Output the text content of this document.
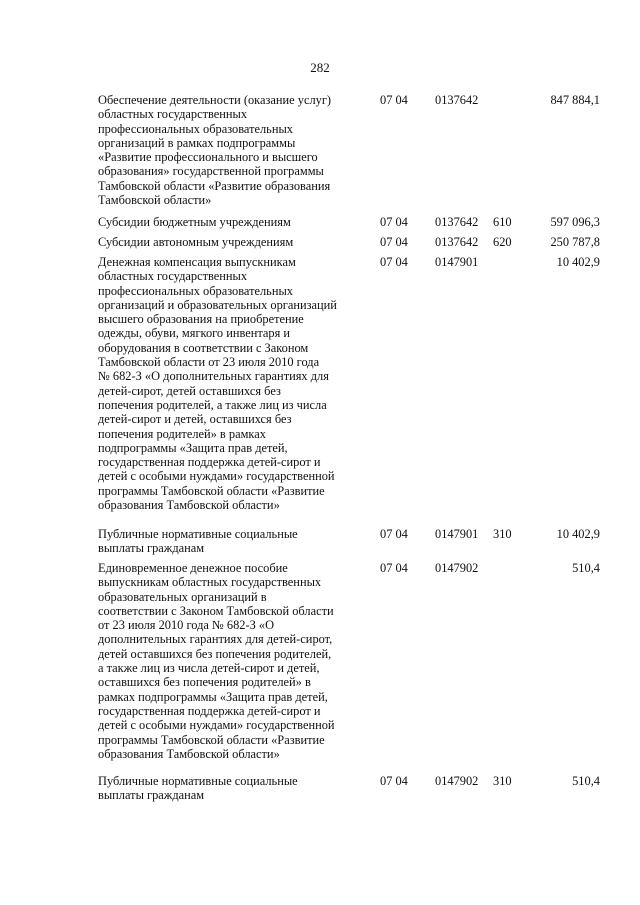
282
Обеспечение деятельности (оказание услуг)
областных государственных
профессиональных образовательных
организаций в рамках подпрограммы
«Развитие профессионального и высшего
образования» государственной программы
Тамбовской области «Развитие образования
Тамбовской области»
07 04	0137642	847 884,1
Субсидии бюджетным учреждениям	07 04	0137642	610	597 096,3
Субсидии автономным учреждениям	07 04	0137642	620	250 787,8
Денежная компенсация выпускникам
областных государственных
профессиональных образовательных
организаций и образовательных организаций
высшего образования на приобретение
одежды, обуви, мягкого инвентаря и
оборудования в соответствии с Законом
Тамбовской области от 23 июля 2010 года
№ 682-З «О дополнительных гарантиях для
детей-сирот, детей оставшихся без
попечения родителей, а также лиц из числа
детей-сирот и детей, оставшихся без
попечения родителей» в рамках
подпрограммы «Защита прав детей,
государственная поддержка детей-сирот и
детей с особыми нуждами» государственной
программы Тамбовской области «Развитие
образования Тамбовской области»
07 04	0147901	10 402,9
Публичные нормативные социальные
выплаты гражданам
07 04	0147901	310	10 402,9
Единовременное денежное пособие
выпускникам областных государственных
образовательных организаций в
соответствии с Законом Тамбовской области
от 23 июля 2010 года № 682-З «О
дополнительных гарантиях для детей-сирот,
детей оставшихся без попечения родителей,
а также лиц из числа детей-сирот и детей,
оставшихся без попечения родителей» в
рамках подпрограммы «Защита прав детей,
государственная поддержка детей-сирот и
детей с особыми нуждами» государственной
программы Тамбовской области «Развитие
образования Тамбовской области»
07 04	0147902	510,4
Публичные нормативные социальные
выплаты гражданам
07 04	0147902	310	510,4
